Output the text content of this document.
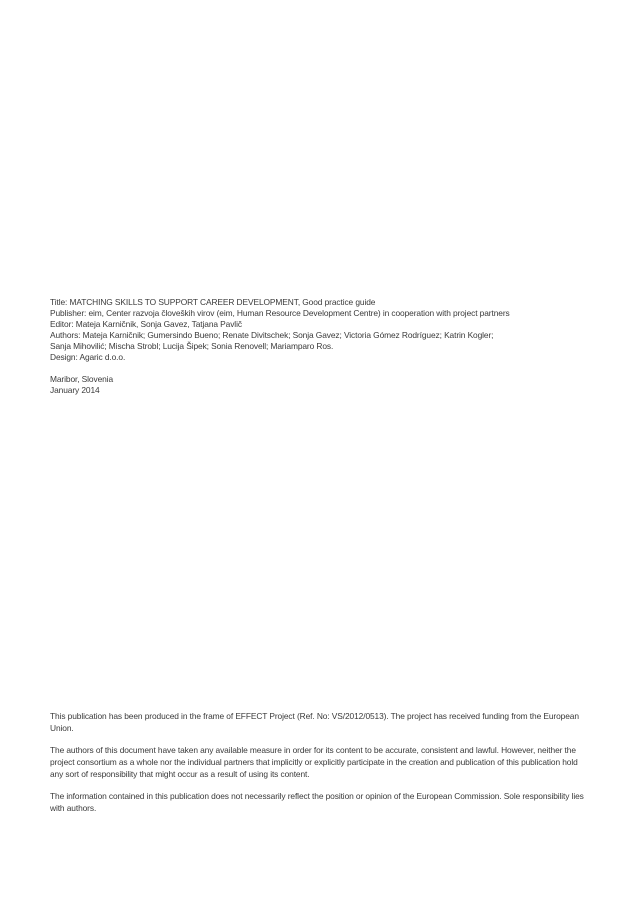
Title: MATCHING SKILLS TO SUPPORT CAREER DEVELOPMENT, Good practice guide
Publisher: eim, Center razvoja človeških virov (eim, Human Resource Development Centre) in cooperation with project partners
Editor: Mateja Karničnik, Sonja Gavez, Tatjana Pavlič
Authors: Mateja Karničnik; Gumersindo Bueno; Renate Divitschek; Sonja Gavez; Victoria Gómez Rodríguez; Katrin Kogler;
Sanja Mihovilić; Mischa Strobl; Lucija Šipek; Sonia Renovell; Mariamparo Ros.
Design: Agaric d.o.o.
Maribor, Slovenia
January 2014

This publication has been produced in the frame of EFFECT Project (Ref. No: VS/2012/0513). The project has received funding from the European Union.

The authors of this document have taken any available measure in order for its content to be accurate, consistent and lawful. However, neither the project consortium as a whole nor the individual partners that implicitly or explicitly participate in the creation and publication of this publication hold any sort of responsibility that might occur as a result of using its content.

The information contained in this publication does not necessarily reflect the position or opinion of the European Commission. Sole responsibility lies with authors.
